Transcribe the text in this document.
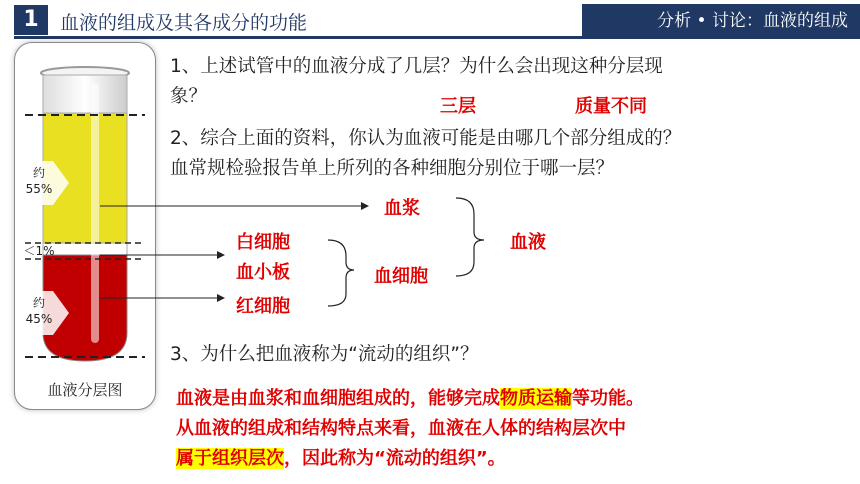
1	血液的组成及其各成分的功能	分析 • 讨论：血液的组成
约
55%
＜1%
约
45%
血液分层图
1、上述试管中的血液分成了几层？为什么会出现这种分层现
象？	三层	质量不同
2、综合上面的资料，你认为血液可能是由哪几个部分组成的？
血常规检验报告单上所列的各种细胞分别位于哪一层？
血浆
血液
白细胞
血小板	血细胞
红细胞
3、为什么把血液称为“流动的组织”？
血液是由血浆和血细胞组成的，能够完成物质运输等功能。
从血液的组成和结构特点来看，血液在人体的结构层次中
属于组织层次，因此称为“流动的组织”。
